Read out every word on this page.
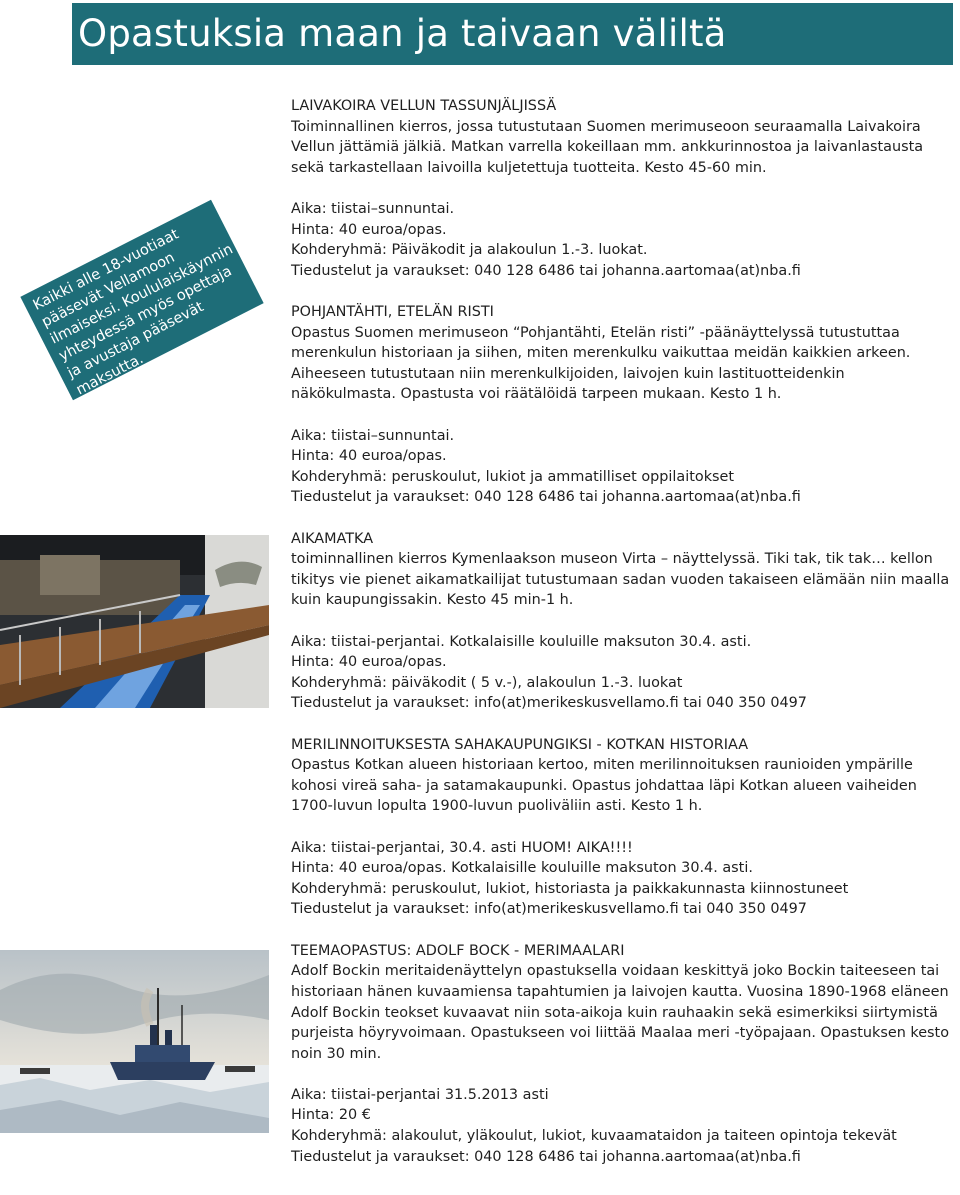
Opastuksia maan ja taivaan väliltä

Kaikki alle 18-vuotiaat pääsevät Vellamoon ilmaiseksi. Koululaiskäynnin yhteydessä myös opettaja ja avustaja pääsevät maksutta.

LAIVAKOIRA VELLUN TASSUNJÄLJISSÄ

Toiminnallinen kierros, jossa tutustutaan Suomen merimuseoon seuraamalla Laivakoira Vellun jättämiä jälkiä. Matkan varrella kokeillaan mm. ankkurinnostoa ja laivanlastausta sekä tarkastellaan laivoilla kuljetettuja tuotteita. Kesto 45-60 min.

Aika: tiistai–sunnuntai.

Hinta: 40 euroa/opas.

Kohderyhmä: Päiväkodit ja alakoulun 1.-3. luokat.

Tiedustelut ja varaukset: 040 128 6486 tai johanna.aartomaa(at)nba.fi

POHJANTÄHTI, ETELÄN RISTI

Opastus Suomen merimuseon “Pohjantähti, Etelän risti” -päänäyttelyssä tutustuttaa merenkulun historiaan ja siihen, miten merenkulku vaikuttaa meidän kaikkien arkeen. Aiheeseen tutustutaan niin merenkulkijoiden, laivojen kuin lastituotteidenkin näkökulmasta. Opastusta voi räätälöidä tarpeen mukaan. Kesto 1 h.

Aika: tiistai–sunnuntai.

Hinta: 40 euroa/opas.

Kohderyhmä: peruskoulut, lukiot ja ammatilliset oppilaitokset

Tiedustelut ja varaukset: 040 128 6486 tai johanna.aartomaa(at)nba.fi

AIKAMATKA

toiminnallinen kierros Kymenlaakson museon Virta – näyttelyssä. Tiki tak, tik tak… kellon tikitys vie pienet aikamatkailijat tutustumaan sadan vuoden takaiseen elämään niin maalla kuin kaupungissakin. Kesto 45 min-1 h.

Aika: tiistai-perjantai. Kotkalaisille kouluille maksuton 30.4. asti.

Hinta: 40 euroa/opas.

Kohderyhmä: päiväkodit ( 5 v.-), alakoulun 1.-3. luokat

Tiedustelut ja varaukset: info(at)merikeskusvellamo.fi tai 040 350 0497

MERILINNOITUKSESTA SAHAKAUPUNGIKSI - KOTKAN HISTORIAA

Opastus Kotkan alueen historiaan kertoo, miten merilinnoituksen raunioiden ympärille kohosi vireä saha- ja satamakaupunki. Opastus johdattaa läpi Kotkan alueen vaiheiden 1700-luvun lopulta 1900-luvun puoliväliin asti. Kesto 1 h.

Aika: tiistai-perjantai, 30.4. asti HUOM! AIKA!!!!

Hinta: 40 euroa/opas. Kotkalaisille kouluille maksuton 30.4. asti.

Kohderyhmä: peruskoulut, lukiot, historiasta ja paikkakunnasta kiinnostuneet

Tiedustelut ja varaukset: info(at)merikeskusvellamo.fi tai 040 350 0497

TEEMAOPASTUS: ADOLF BOCK - MERIMAALARI

Adolf Bockin meritaidenäyttelyn opastuksella voidaan keskittyä joko Bockin taiteeseen tai historiaan hänen kuvaamiensa tapahtumien ja laivojen kautta. Vuosina 1890-1968 eläneen Adolf Bockin teokset kuvaavat niin sota-aikoja kuin rauhaakin sekä esimerkiksi siirtymistä purjeista höyryvoimaan. Opastukseen voi liittää Maalaa meri -työpajaan. Opastuksen kesto noin 30 min.

Aika: tiistai-perjantai 31.5.2013 asti

Hinta: 20 €

Kohderyhmä: alakoulut, yläkoulut, lukiot, kuvaamataidon ja taiteen opintoja tekevät

Tiedustelut ja varaukset: 040 128 6486 tai johanna.aartomaa(at)nba.fi
